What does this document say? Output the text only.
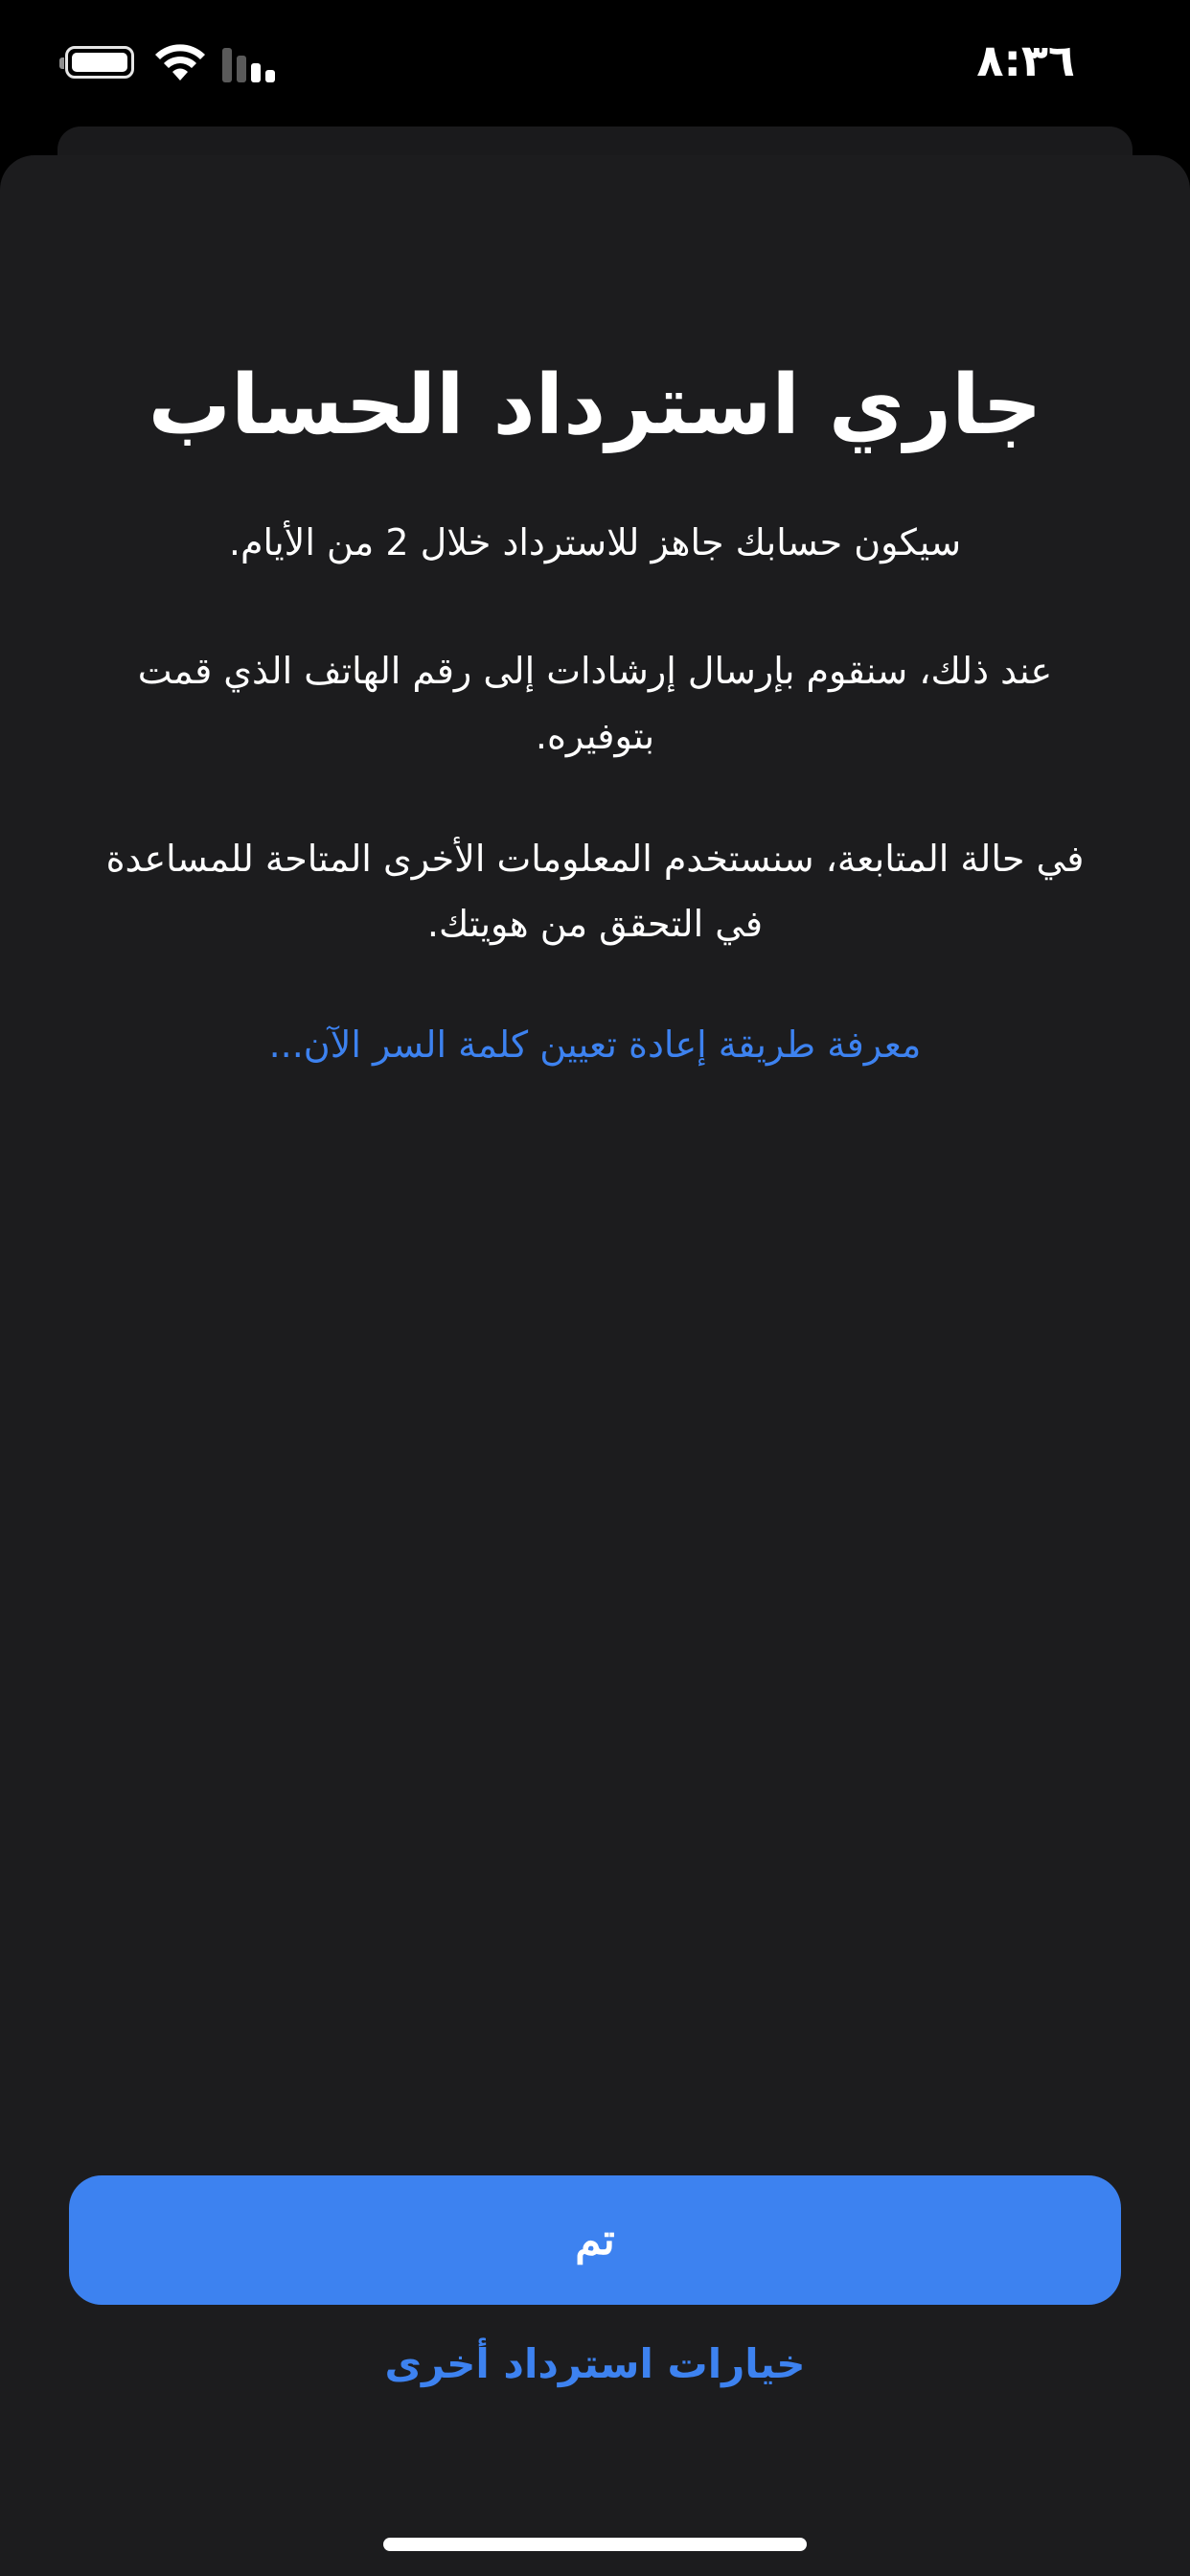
٨:٣٦
جاري استرداد الحساب
سيكون حسابك جاهز للاسترداد خلال 2 من الأيام.
عند ذلك، سنقوم بإرسال إرشادات إلى رقم الهاتف الذي قمت بتوفيره.
في حالة المتابعة، سنستخدم المعلومات الأخرى المتاحة للمساعدة في التحقق من هويتك.
معرفة طريقة إعادة تعيين كلمة السر الآن...
تم
خيارات استرداد أخرى
